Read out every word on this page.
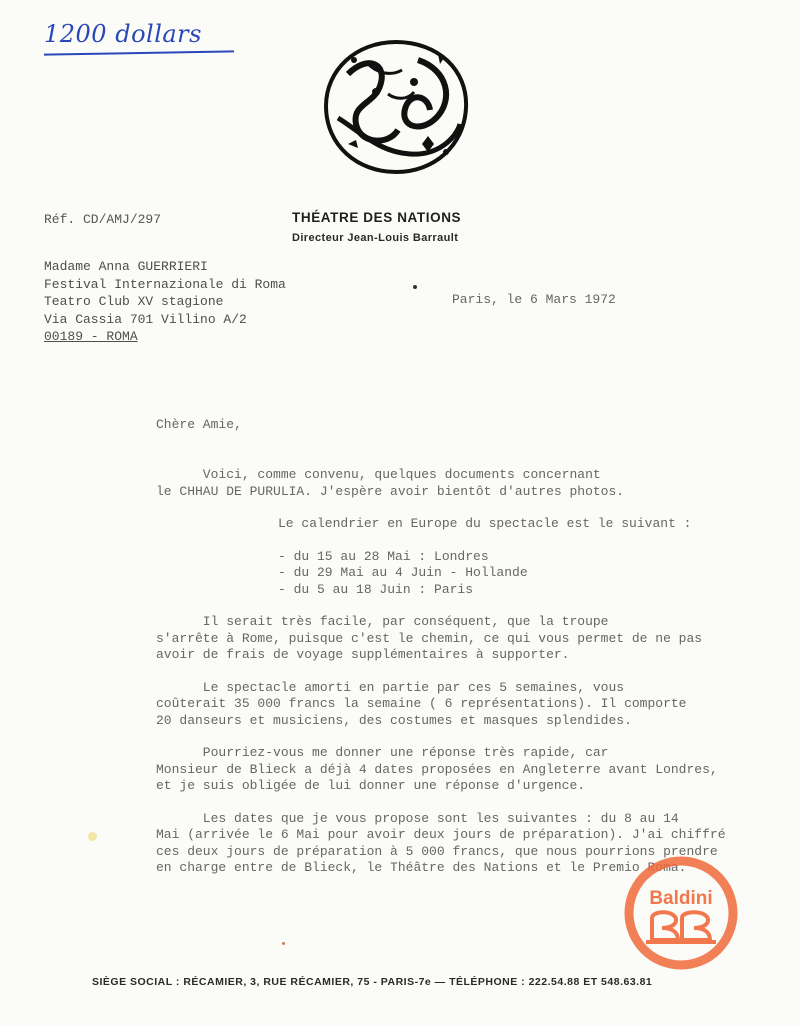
1200 dollars
Réf. CD/AMJ/297	THÉATRE DES NATIONS
Directeur Jean-Louis Barrault
Madame Anna GUERRIERI
Festival Internazionale di Roma
Teatro Club XV stagione
Via Cassia 701 Villino A/2
00189 - ROMA
Paris, le 6 Mars 1972
Chère Amie,
Voici, comme convenu, quelques documents concernant
le CHHAU DE PURULIA. J'espère avoir bientôt d'autres photos.
Le calendrier en Europe du spectacle est le suivant :
- du 15 au 28 Mai : Londres
- du 29 Mai au 4 Juin - Hollande
- du 5 au 18 Juin : Paris
Il serait très facile, par conséquent, que la troupe
s'arrête à Rome, puisque c'est le chemin, ce qui vous permet de ne pas
avoir de frais de voyage supplémentaires à supporter.
Le spectacle amorti en partie par ces 5 semaines, vous
coûterait 35 000 francs la semaine ( 6 représentations). Il comporte
20 danseurs et musiciens, des costumes et masques splendides.
Pourriez-vous me donner une réponse très rapide, car
Monsieur de Blieck a déjà 4 dates proposées en Angleterre avant Londres,
et je suis obligée de lui donner une réponse d'urgence.
Les dates que je vous propose sont les suivantes : du 8 au 14
Mai (arrivée le 6 Mai pour avoir deux jours de préparation). J'ai chiffré
ces deux jours de préparation à 5 000 francs, que nous pourrions prendre
en charge entre de Blieck, le Théâtre des Nations et le Premio Roma.
Baldini
SIÈGE SOCIAL : RÉCAMIER, 3, RUE RÉCAMIER, 75 - PARIS-7e — TÉLÉPHONE : 222.54.88 ET 548.63.81
